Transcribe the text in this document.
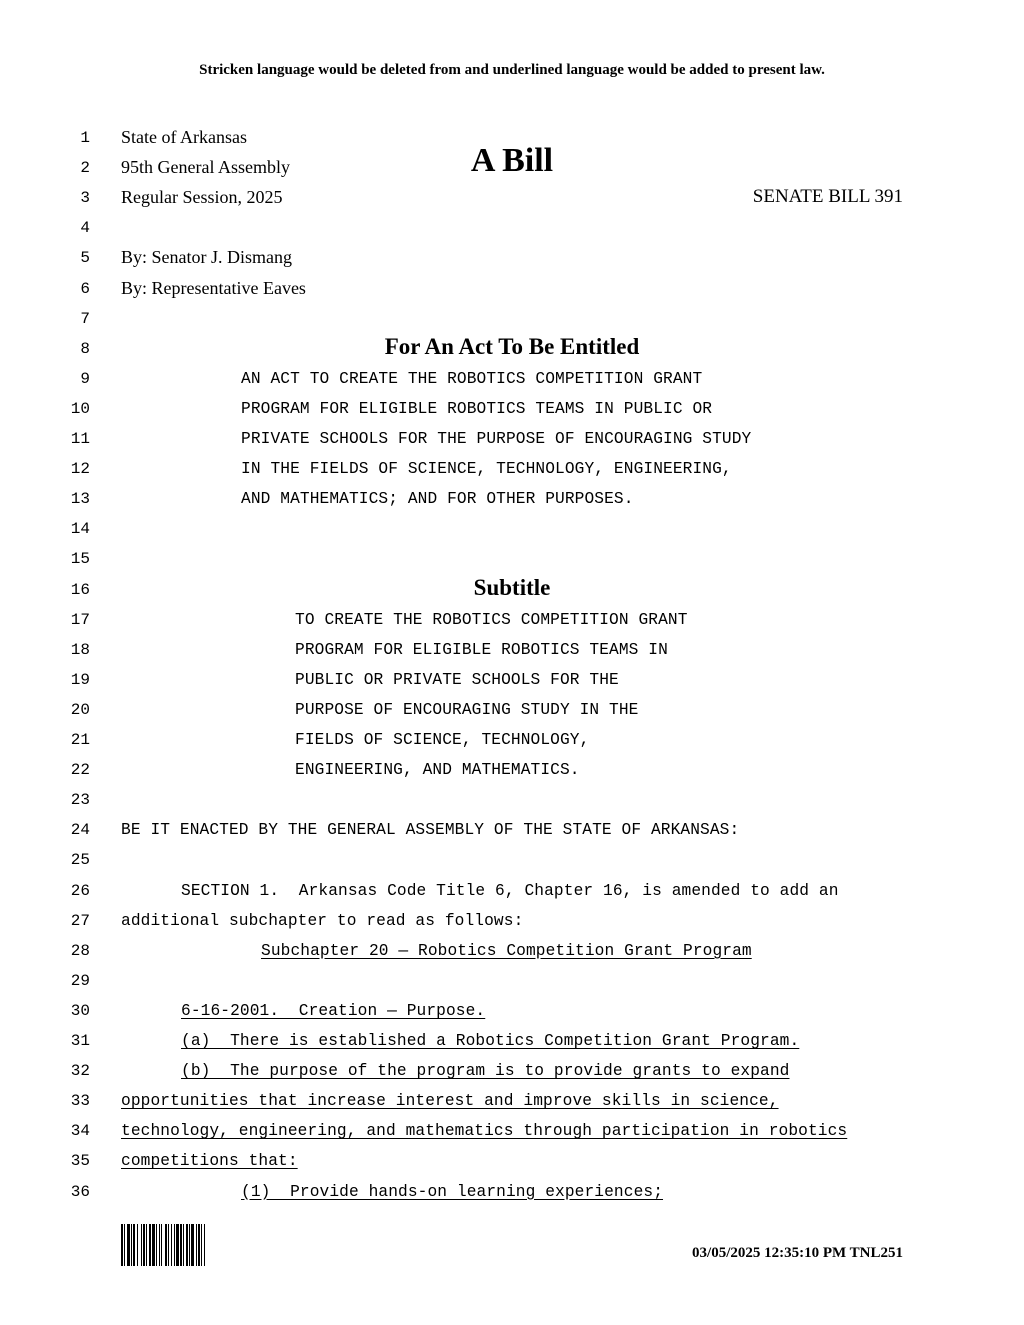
Stricken language would be deleted from and underlined language would be added to present law.
A Bill
SENATE BILL 391
For An Act To Be Entitled
Subtitle
1 State of Arkansas
2 95th General Assembly
3 Regular Session, 2025
4
5 By: Senator J. Dismang
6 By: Representative Eaves
7
8
9	AN ACT TO CREATE THE ROBOTICS COMPETITION GRANT
10	PROGRAM FOR ELIGIBLE ROBOTICS TEAMS IN PUBLIC OR
11	PRIVATE SCHOOLS FOR THE PURPOSE OF ENCOURAGING STUDY
12	IN THE FIELDS OF SCIENCE, TECHNOLOGY, ENGINEERING,
13	AND MATHEMATICS; AND FOR OTHER PURPOSES.
14
15
16
17	TO CREATE THE ROBOTICS COMPETITION GRANT
18	PROGRAM FOR ELIGIBLE ROBOTICS TEAMS IN
19	PUBLIC OR PRIVATE SCHOOLS FOR THE
20	PURPOSE OF ENCOURAGING STUDY IN THE
21	FIELDS OF SCIENCE, TECHNOLOGY,
22	ENGINEERING, AND MATHEMATICS.
23
24 BE IT ENACTED BY THE GENERAL ASSEMBLY OF THE STATE OF ARKANSAS:
25
26	SECTION 1.  Arkansas Code Title 6, Chapter 16, is amended to add an
27 additional subchapter to read as follows:
28	Subchapter 20 — Robotics Competition Grant Program
29
30	6-16-2001.  Creation — Purpose.
31	(a)  There is established a Robotics Competition Grant Program.
32	(b)  The purpose of the program is to provide grants to expand
33 opportunities that increase interest and improve skills in science,
34 technology, engineering, and mathematics through participation in robotics
35 competitions that:
36	(1)  Provide hands-on learning experiences;
03/05/2025 12:35:10 PM TNL251
